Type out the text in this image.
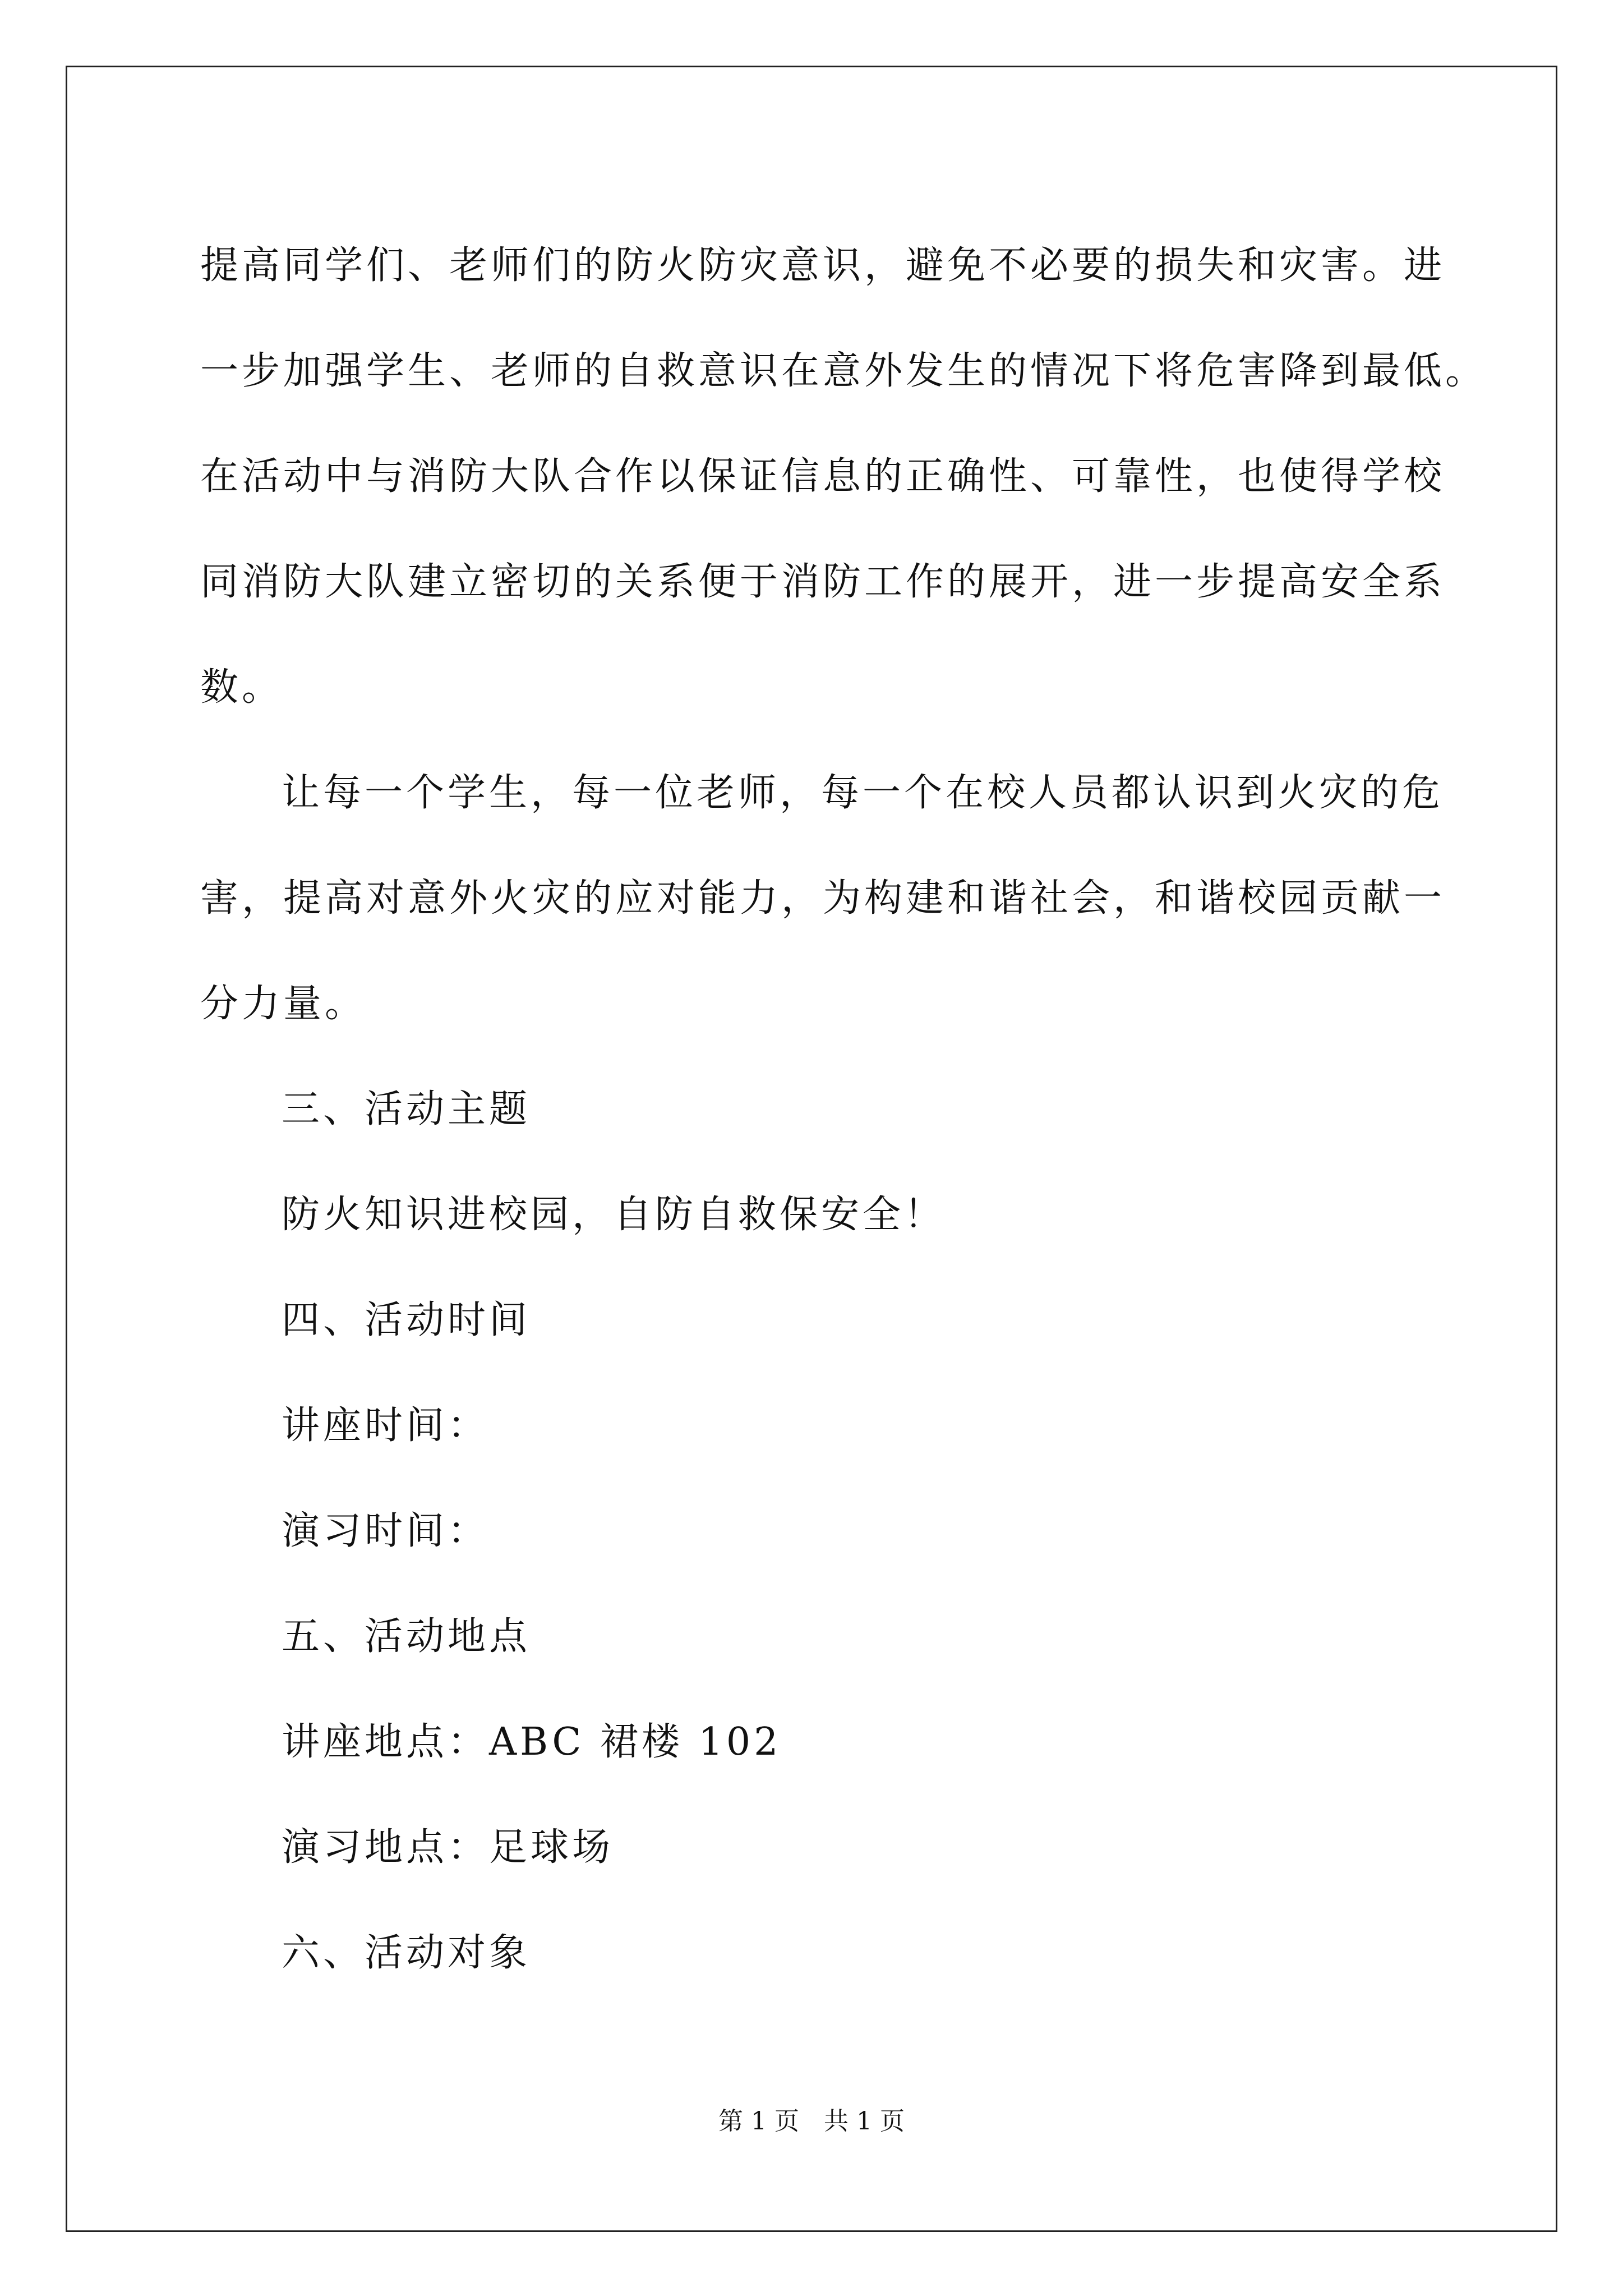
提高同学们、老师们的防火防灾意识，避免不必要的损失和灾害。进
一步加强学生、老师的自救意识在意外发生的情况下将危害降到最低。
在活动中与消防大队合作以保证信息的正确性、可靠性，也使得学校
同消防大队建立密切的关系便于消防工作的展开，进一步提高安全系
数。

让每一个学生，每一位老师，每一个在校人员都认识到火灾的危
害，提高对意外火灾的应对能力，为构建和谐社会，和谐校园贡献一
分力量。

三、活动主题

防火知识进校园，自防自救保安全！

四、活动时间

讲座时间：

演习时间：

五、活动地点

讲座地点：ABC 裙楼 102

演习地点：足球场

六、活动对象

第 1 页　共 1 页
